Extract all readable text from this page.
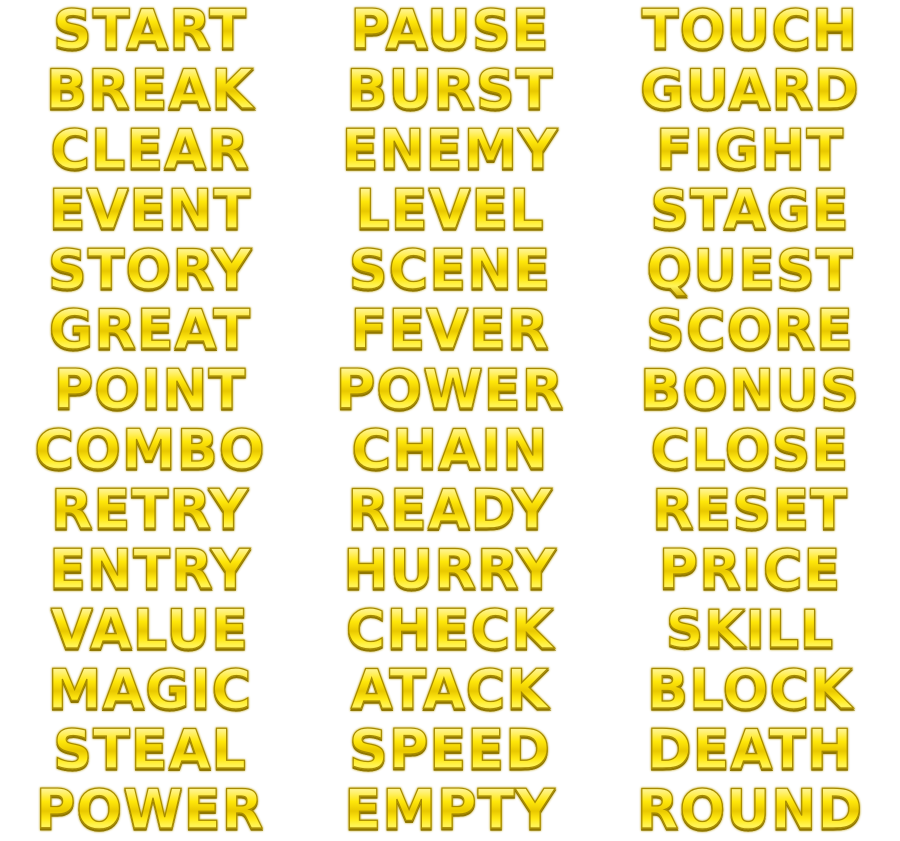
START PAUSE TOUCH
BREAK BURST GUARD
CLEAR ENEMY FIGHT
EVENT LEVEL STAGE
STORY SCENE QUEST
GREAT FEVER SCORE
POINT POWER BONUS
COMBO CHAIN CLOSE
RETRY READY RESET
ENTRY HURRY PRICE
VALUE CHECK SKILL
MAGIC ATACK BLOCK
STEAL SPEED DEATH
POWER EMPTY ROUND
